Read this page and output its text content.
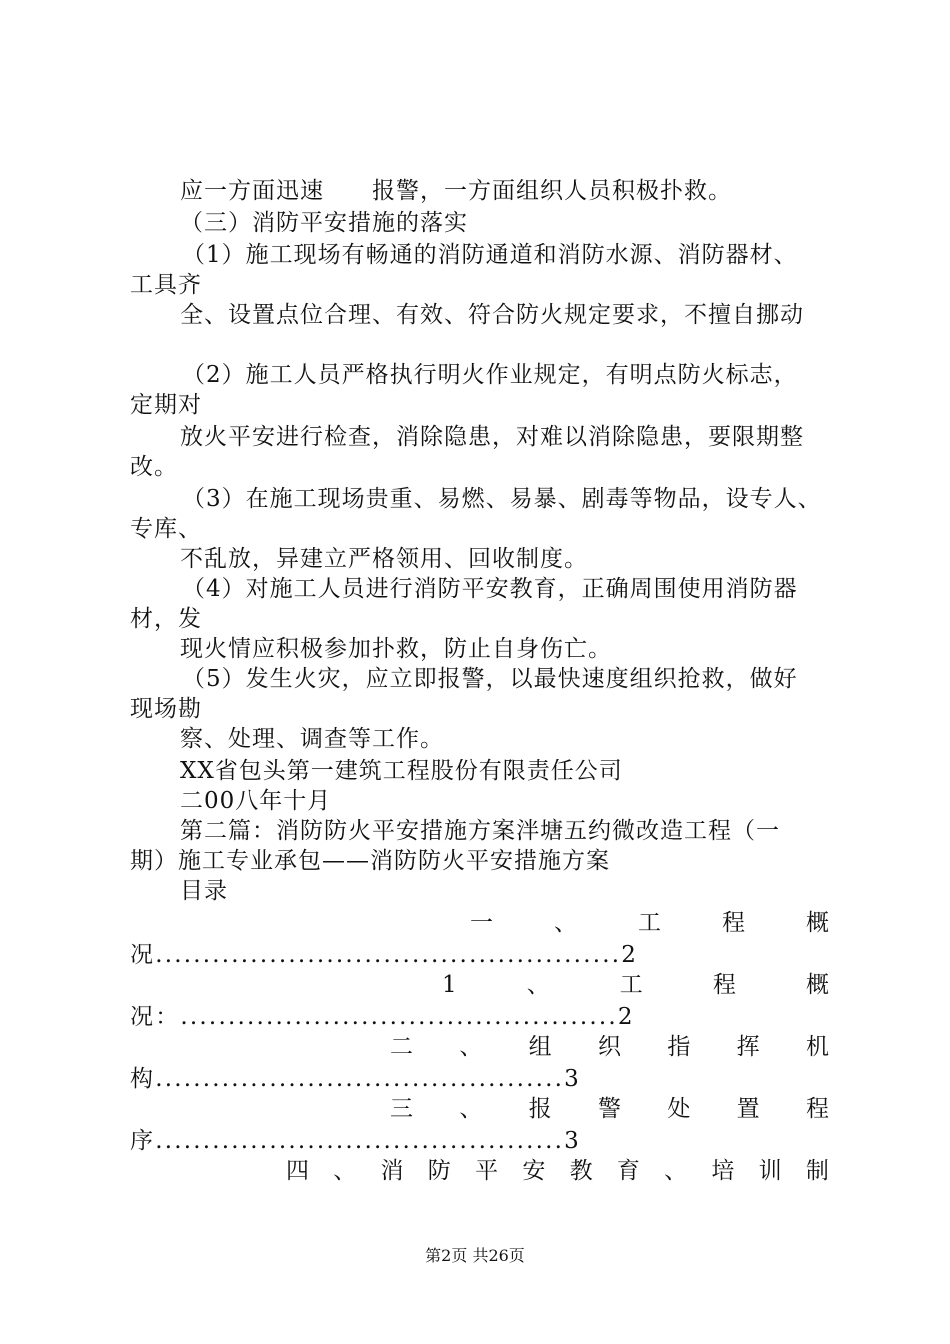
应一方面迅速　　报警，一方面组织人员积极扑救。
（三）消防平安措施的落实
（1）施工现场有畅通的消防通道和消防水源、消防器材、
工具齐
全、设置点位合理、有效、符合防火规定要求，不擅自挪动
（2）施工人员严格执行明火作业规定，有明点防火标志，
定期对
放火平安进行检查，消除隐患，对难以消除隐患，要限期整
改。
（3）在施工现场贵重、易燃、易暴、剧毒等物品，设专人、
专库、
不乱放，异建立严格领用、回收制度。
（4）对施工人员进行消防平安教育，正确周围使用消防器
材，发
现火情应积极参加扑救，防止自身伤亡。
（5）发生火灾，应立即报警，以最快速度组织抢救，做好
现场勘
察、处理、调查等工作。
XX省包头第一建筑工程股份有限责任公司
二00八年十月
第二篇：消防防火平安措施方案泮塘五约微改造工程（一
期）施工专业承包——消防防火平安措施方案
目录
一	、	工	程	概
况.................................................2
1	、	工	程	概
况：..............................................2
二 、 组 织 指 挥 机
构...........................................3
三 、 报 警 处 置 程
序...........................................3
四 、 消 防 平 安 教 育 、 培 训 制
第2页 共26页
